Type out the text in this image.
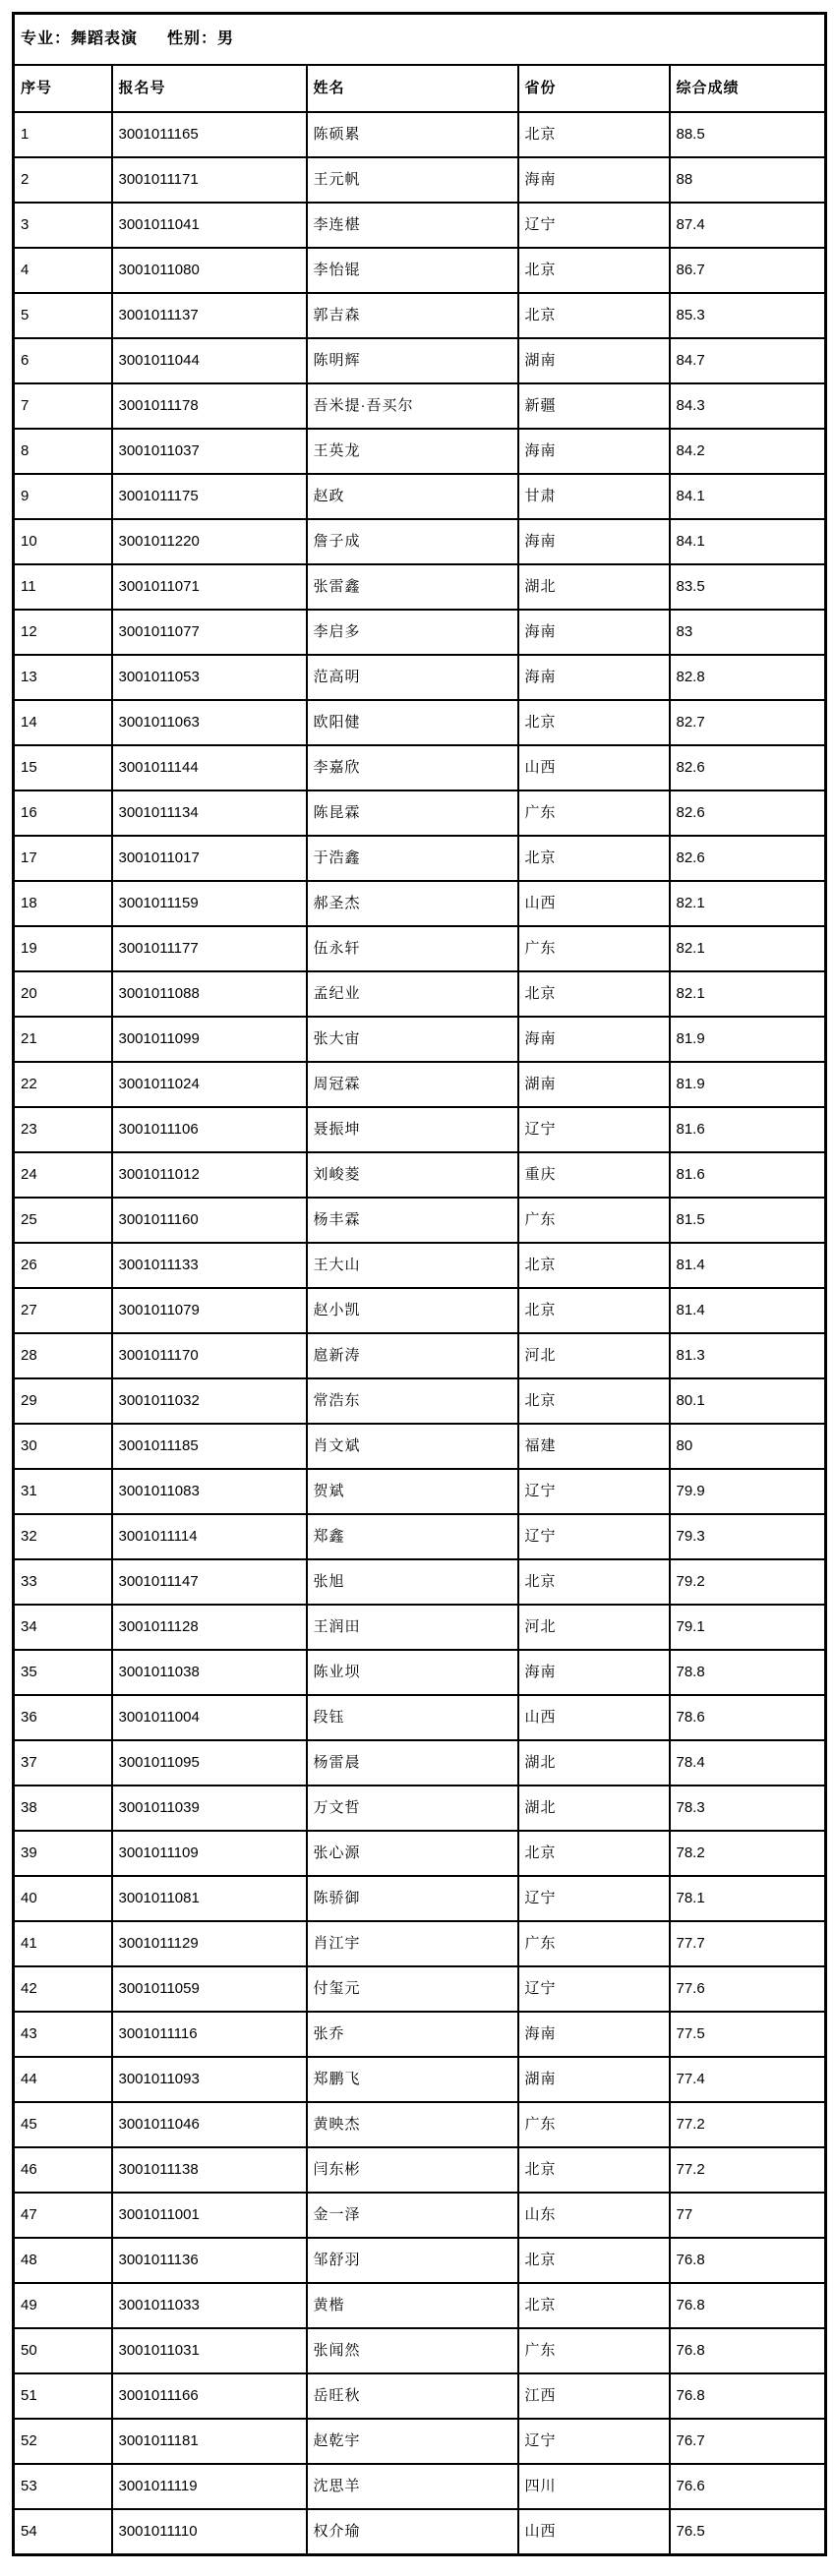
专业：舞蹈表演 性别：男				
序号	报名号	姓名	省份	综合成绩
1	3001011165	陈硕累	北京	88.5
2	3001011171	王元帆	海南	88
3	3001011041	李连椹	辽宁	87.4
4	3001011080	李怡锟	北京	86.7
5	3001011137	郭吉森	北京	85.3
6	3001011044	陈明辉	湖南	84.7
7	3001011178	吾米提·吾买尔	新疆	84.3
8	3001011037	王英龙	海南	84.2
9	3001011175	赵政	甘肃	84.1
10	3001011220	詹子成	海南	84.1
11	3001011071	张雷鑫	湖北	83.5
12	3001011077	李启多	海南	83
13	3001011053	范高明	海南	82.8
14	3001011063	欧阳健	北京	82.7
15	3001011144	李嘉欣	山西	82.6
16	3001011134	陈昆霖	广东	82.6
17	3001011017	于浩鑫	北京	82.6
18	3001011159	郝圣杰	山西	82.1
19	3001011177	伍永轩	广东	82.1
20	3001011088	孟纪业	北京	82.1
21	3001011099	张大宙	海南	81.9
22	3001011024	周冠霖	湖南	81.9
23	3001011106	聂振坤	辽宁	81.6
24	3001011012	刘峻菱	重庆	81.6
25	3001011160	杨丰霖	广东	81.5
26	3001011133	王大山	北京	81.4
27	3001011079	赵小凯	北京	81.4
28	3001011170	扈新涛	河北	81.3
29	3001011032	常浩东	北京	80.1
30	3001011185	肖文斌	福建	80
31	3001011083	贺斌	辽宁	79.9
32	3001011114	郑鑫	辽宁	79.3
33	3001011147	张旭	北京	79.2
34	3001011128	王润田	河北	79.1
35	3001011038	陈业坝	海南	78.8
36	3001011004	段钰	山西	78.6
37	3001011095	杨雷晨	湖北	78.4
38	3001011039	万文哲	湖北	78.3
39	3001011109	张心源	北京	78.2
40	3001011081	陈骄御	辽宁	78.1
41	3001011129	肖江宇	广东	77.7
42	3001011059	付玺元	辽宁	77.6
43	3001011116	张乔	海南	77.5
44	3001011093	郑鹏飞	湖南	77.4
45	3001011046	黄映杰	广东	77.2
46	3001011138	闫东彬	北京	77.2
47	3001011001	金一泽	山东	77
48	3001011136	邹舒羽	北京	76.8
49	3001011033	黄楷	北京	76.8
50	3001011031	张闻然	广东	76.8
51	3001011166	岳旺秋	江西	76.8
52	3001011181	赵乾宇	辽宁	76.7
53	3001011119	沈思羊	四川	76.6
54	3001011110	权介瑜	山西	76.5
